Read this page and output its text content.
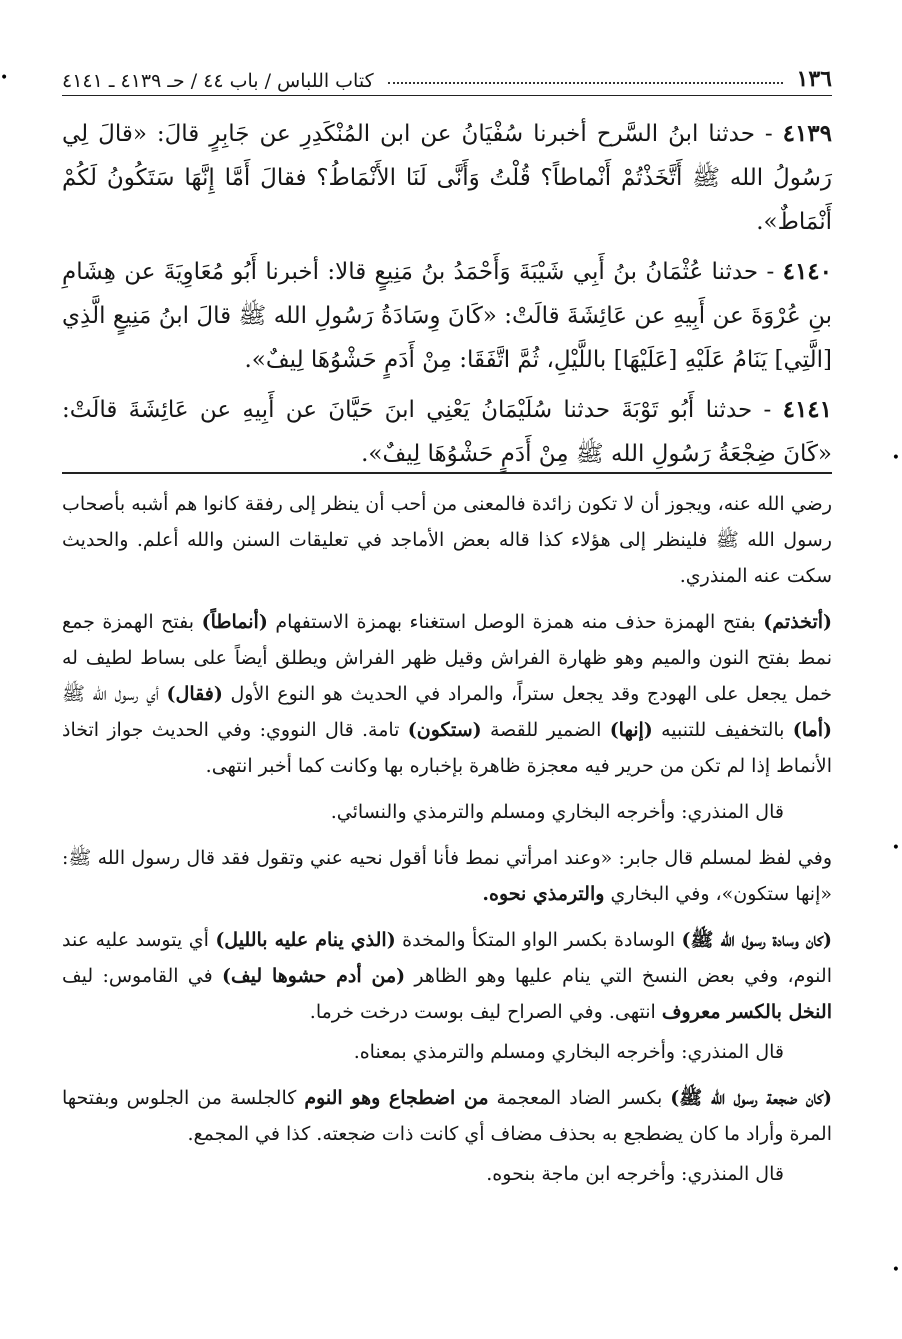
١٣٦
كتاب اللباس / باب ٤٤ / حـ ٤١٣٩ ـ ٤١٤١

٤١٣٩ - حدثنا ابنُ السَّرح أخبرنا سُفْيَانُ عن ابن المُنْكَدِرِ عن جَابِرٍ قالَ: «قالَ لِي رَسُولُ الله ﷺ أَتَّخَذْتُمْ أَنْماطاً؟ قُلْتُ وَأَنَّى لَنَا الأَنْمَاطُ؟ فقالَ أَمَّا إِنَّهَا سَتَكُونُ لَكُمْ أَنْمَاطٌ».

٤١٤٠ - حدثنا عُثْمَانُ بنُ أَبِي شَيْبَةَ وَأَحْمَدُ بنُ مَنِيعٍ قالا: أخبرنا أَبُو مُعَاوِيَةَ عن هِشَامِ بنِ عُرْوَةَ عن أَبِيهِ عن عَائِشَةَ قالَتْ: «كَانَ وِسَادَةُ رَسُولِ الله ﷺ قالَ ابنُ مَنِيعٍ الَّذِي [الَّتِي] يَنَامُ عَلَيْهِ [عَلَيْهَا] باللَّيْلِ، ثُمَّ اتَّفَقَا: مِنْ أَدَمٍ حَشْوُهَا لِيفٌ».

٤١٤١ - حدثنا أَبُو تَوْبَةَ حدثنا سُلَيْمَانُ يَعْنِي ابنَ حَيَّانَ عن أَبِيهِ عن عَائِشَةَ قالَتْ: «كَانَ ضِجْعَةُ رَسُولِ الله ﷺ مِنْ أَدَمٍ حَشْوُهَا لِيفٌ».

رضي الله عنه، ويجوز أن لا تكون زائدة فالمعنى من أحب أن ينظر إلى رفقة كانوا هم أشبه بأصحاب رسول الله ﷺ فلينظر إلى هؤلاء كذا قاله بعض الأماجد في تعليقات السنن والله أعلم. والحديث سكت عنه المنذري.

(أتخذتم) بفتح الهمزة حذف منه همزة الوصل استغناء بهمزة الاستفهام (أنماطاً) بفتح الهمزة جمع نمط بفتح النون والميم وهو ظهارة الفراش وقيل ظهر الفراش ويطلق أيضاً على بساط لطيف له خمل يجعل على الهودج وقد يجعل ستراً، والمراد في الحديث هو النوع الأول (فقال) أي رسول الله ﷺ (أما) بالتخفيف للتنبيه (إنها) الضمير للقصة (ستكون) تامة. قال النووي: وفي الحديث جواز اتخاذ الأنماط إذا لم تكن من حرير فيه معجزة ظاهرة بإخباره بها وكانت كما أخبر انتهى.

قال المنذري: وأخرجه البخاري ومسلم والترمذي والنسائي.

وفي لفظ لمسلم قال جابر: «وعند امرأتي نمط فأنا أقول نحيه عني وتقول فقد قال رسول الله ﷺ: «إنها ستكون»، وفي البخاري والترمذي نحوه.

(كان وسادة رسول الله ﷺ) الوسادة بكسر الواو المتكأ والمخدة (الذي ينام عليه بالليل) أي يتوسد عليه عند النوم، وفي بعض النسخ التي ينام عليها وهو الظاهر (من أدم حشوها ليف) في القاموس: ليف النخل بالكسر معروف انتهى. وفي الصراح ليف بوست درخت خرما.

قال المنذري: وأخرجه البخاري ومسلم والترمذي بمعناه.

(كان ضجعة رسول الله ﷺ) بكسر الضاد المعجمة من اضطجاع وهو النوم كالجلسة من الجلوس وبفتحها المرة وأراد ما كان يضطجع به بحذف مضاف أي كانت ذات ضجعته. كذا في المجمع.

قال المنذري: وأخرجه ابن ماجة بنحوه.

•
•
•
•
